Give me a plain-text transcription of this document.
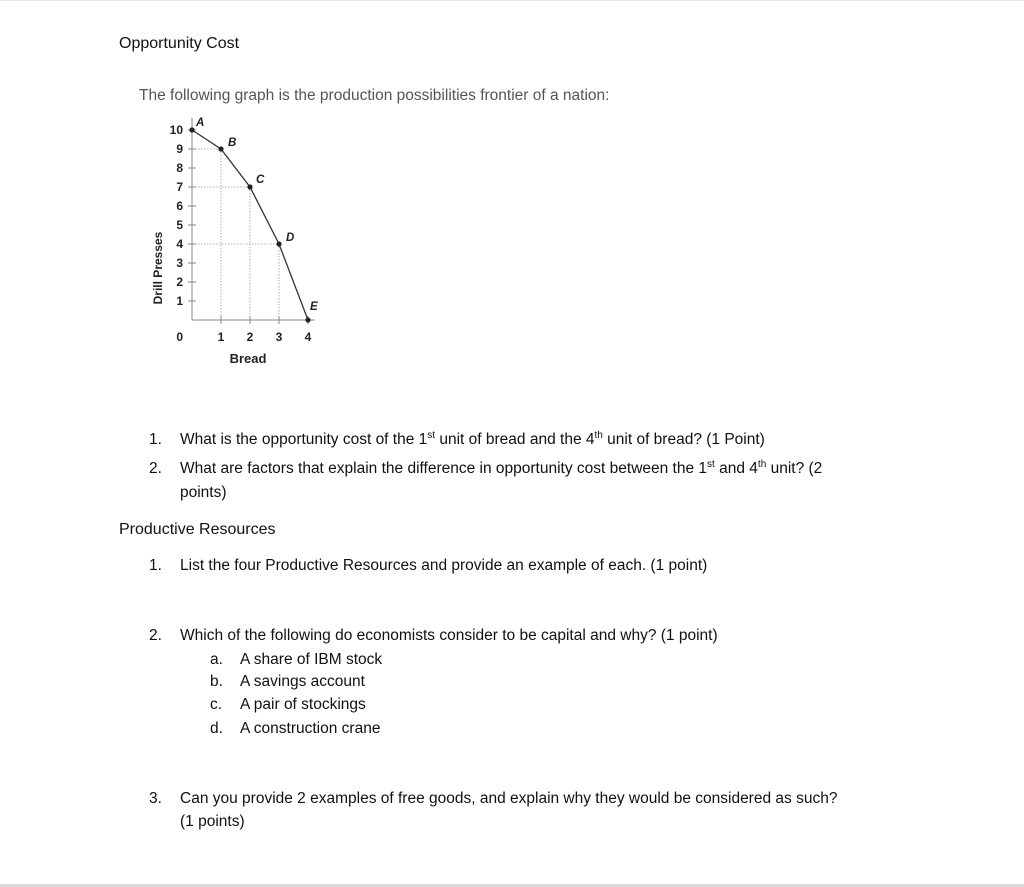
Opportunity Cost
The following graph is the production possibilities frontier of a nation:
1
2
3
4
5
6
7
8
9
10
0	1 2 3 4
A
B
C
D
E
Drill Presses
Bread
1. What is the opportunity cost of the 1st unit of bread and the 4th unit of bread? (1 Point)
2. What are factors that explain the difference in opportunity cost between the 1st and 4th unit? (2
points)
Productive Resources
1. List the four Productive Resources and provide an example of each. (1 point)
2. Which of the following do economists consider to be capital and why? (1 point)
a. A share of IBM stock
b. A savings account
c. A pair of stockings
d. A construction crane
3. Can you provide 2 examples of free goods, and explain why they would be considered as such?
(1 points)
